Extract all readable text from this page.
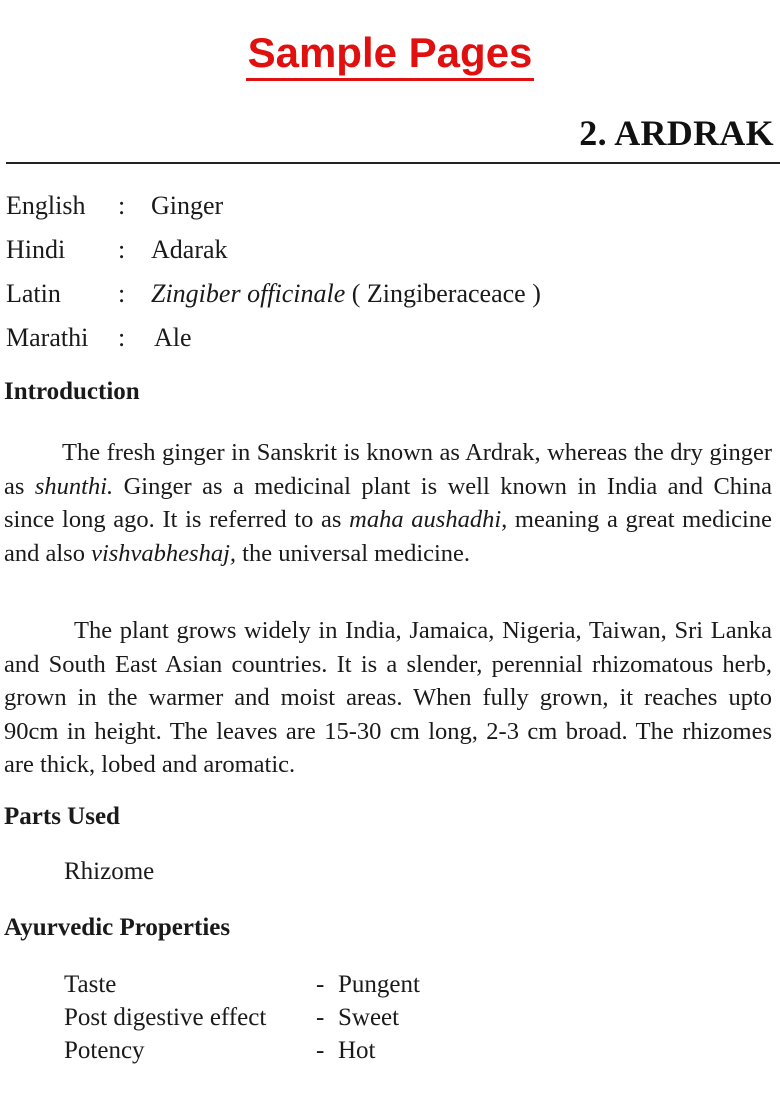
Sample Pages
2. ARDRAK
English : Ginger
Hindi : Adarak
Latin : Zingiber officinale ( Zingiberaceace )
Marathi : Ale
Introduction

The fresh ginger in Sanskrit is known as Ardrak, whereas the dry ginger as shunthi. Ginger as a medicinal plant is well known in India and China since long ago. It is referred to as maha aushadhi, meaning a great medicine and also vishvabheshaj, the universal medicine.

The plant grows widely in India, Jamaica, Nigeria, Taiwan, Sri Lanka and South East Asian countries. It is a slender, perennial rhizomatous herb, grown in the warmer and moist areas. When fully grown, it reaches upto 90cm in height. The leaves are 15-30 cm long, 2-3 cm broad. The rhizomes are thick, lobed and aromatic.

Parts Used
Rhizome
Ayurvedic Properties
Taste	- Pungent
Post digestive effect - Sweet
Potency	- Hot
